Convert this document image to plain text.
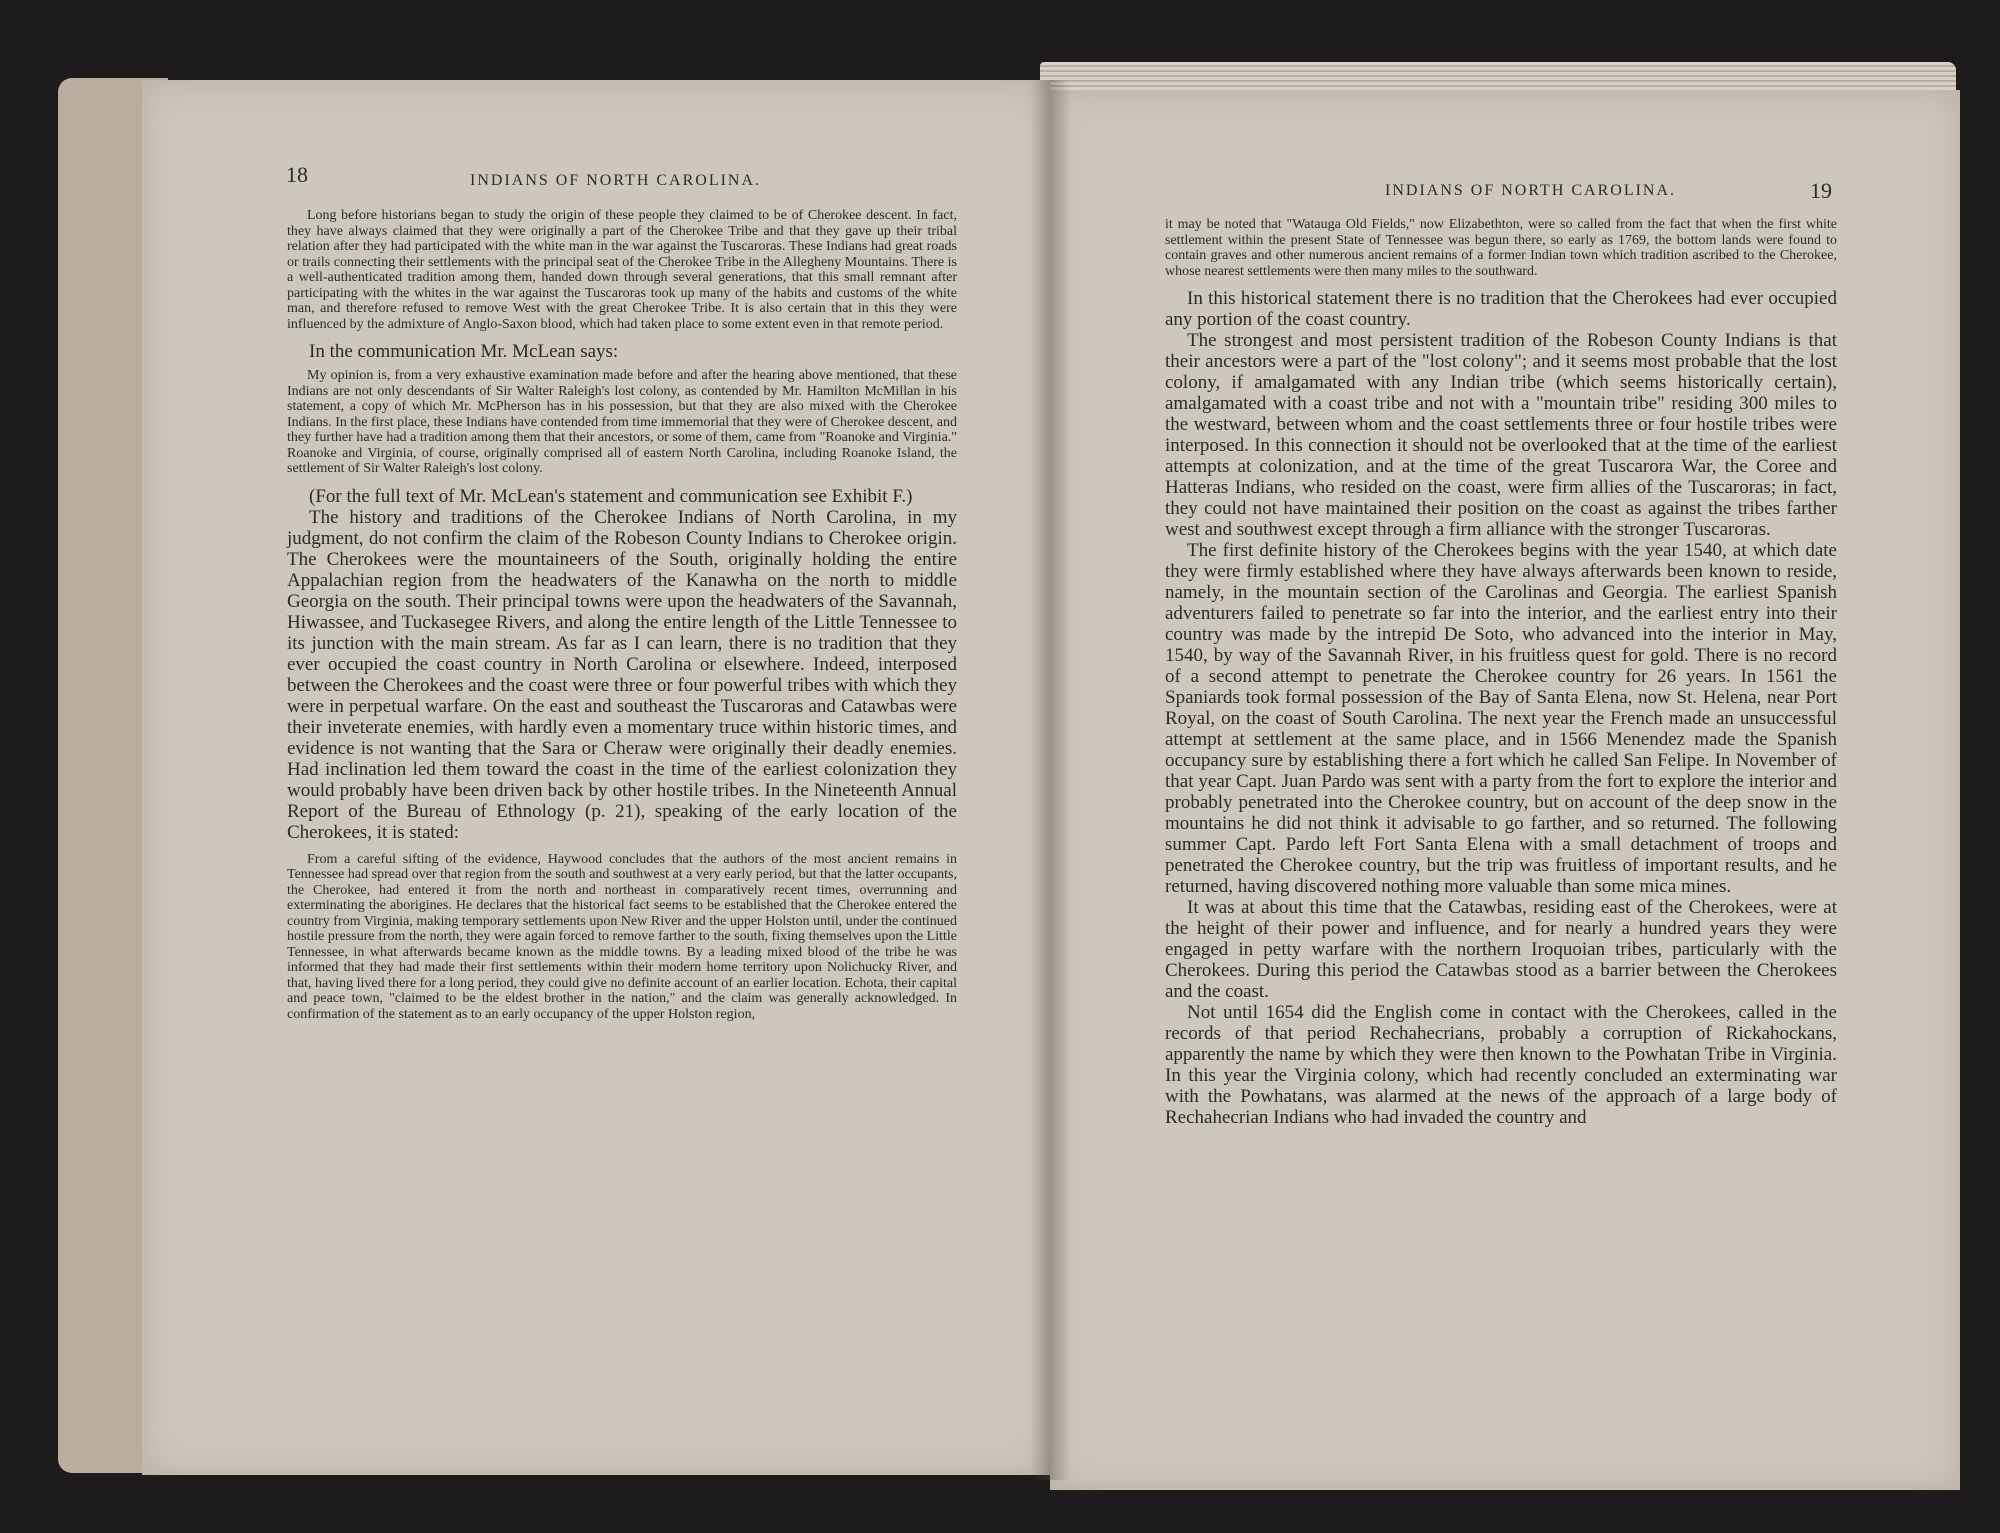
18	INDIANS OF NORTH CAROLINA.

Long before historians began to study the origin of these people they claimed to be of Cherokee descent. In fact, they have always claimed that they were originally a part of the Cherokee Tribe and that they gave up their tribal relation after they had participated with the white man in the war against the Tuscaroras. These Indians had great roads or trails connecting their settlements with the principal seat of the Cherokee Tribe in the Allegheny Mountains. There is a well-authenticated tradition among them, handed down through several generations, that this small remnant after participating with the whites in the war against the Tuscaroras took up many of the habits and customs of the white man, and therefore refused to remove West with the great Cherokee Tribe. It is also certain that in this they were influenced by the admixture of Anglo-Saxon blood, which had taken place to some extent even in that remote period.

In the communication Mr. McLean says:

My opinion is, from a very exhaustive examination made before and after the hearing above mentioned, that these Indians are not only descendants of Sir Walter Raleigh's lost colony, as contended by Mr. Hamilton McMillan in his statement, a copy of which Mr. McPherson has in his possession, but that they are also mixed with the Cherokee Indians. In the first place, these Indians have contended from time immemorial that they were of Cherokee descent, and they further have had a tradition among them that their ancestors, or some of them, came from "Roanoke and Virginia." Roanoke and Virginia, of course, originally comprised all of eastern North Carolina, including Roanoke Island, the settlement of Sir Walter Raleigh's lost colony.

(For the full text of Mr. McLean's statement and communication see Exhibit F.)

The history and traditions of the Cherokee Indians of North Carolina, in my judgment, do not confirm the claim of the Robeson County Indians to Cherokee origin. The Cherokees were the mountaineers of the South, originally holding the entire Appalachian region from the headwaters of the Kanawha on the north to middle Georgia on the south. Their principal towns were upon the headwaters of the Savannah, Hiwassee, and Tuckasegee Rivers, and along the entire length of the Little Tennessee to its junction with the main stream. As far as I can learn, there is no tradition that they ever occupied the coast country in North Carolina or elsewhere. Indeed, interposed between the Cherokees and the coast were three or four powerful tribes with which they were in perpetual warfare. On the east and southeast the Tuscaroras and Catawbas were their inveterate enemies, with hardly even a momentary truce within historic times, and evidence is not wanting that the Sara or Cheraw were originally their deadly enemies. Had inclination led them toward the coast in the time of the earliest colonization they would probably have been driven back by other hostile tribes. In the Nineteenth Annual Report of the Bureau of Ethnology (p. 21), speaking of the early location of the Cherokees, it is stated:

From a careful sifting of the evidence, Haywood concludes that the authors of the most ancient remains in Tennessee had spread over that region from the south and southwest at a very early period, but that the latter occupants, the Cherokee, had entered it from the north and northeast in comparatively recent times, overrunning and exterminating the aborigines. He declares that the historical fact seems to be established that the Cherokee entered the country from Virginia, making temporary settlements upon New River and the upper Holston until, under the continued hostile pressure from the north, they were again forced to remove farther to the south, fixing themselves upon the Little Tennessee, in what afterwards became known as the middle towns. By a leading mixed blood of the tribe he was informed that they had made their first settlements within their modern home territory upon Nolichucky River, and that, having lived there for a long period, they could give no definite account of an earlier location. Echota, their capital and peace town, "claimed to be the eldest brother in the nation," and the claim was generally acknowledged. In confirmation of the statement as to an early occupancy of the upper Holston region,

INDIANS OF NORTH CAROLINA.	19

it may be noted that "Watauga Old Fields," now Elizabethton, were so called from the fact that when the first white settlement within the present State of Tennessee was begun there, so early as 1769, the bottom lands were found to contain graves and other numerous ancient remains of a former Indian town which tradition ascribed to the Cherokee, whose nearest settlements were then many miles to the southward.

In this historical statement there is no tradition that the Cherokees had ever occupied any portion of the coast country.

The strongest and most persistent tradition of the Robeson County Indians is that their ancestors were a part of the "lost colony"; and it seems most probable that the lost colony, if amalgamated with any Indian tribe (which seems historically certain), amalgamated with a coast tribe and not with a "mountain tribe" residing 300 miles to the westward, between whom and the coast settlements three or four hostile tribes were interposed. In this connection it should not be overlooked that at the time of the earliest attempts at colonization, and at the time of the great Tuscarora War, the Coree and Hatteras Indians, who resided on the coast, were firm allies of the Tuscaroras; in fact, they could not have maintained their position on the coast as against the tribes farther west and southwest except through a firm alliance with the stronger Tuscaroras.

The first definite history of the Cherokees begins with the year 1540, at which date they were firmly established where they have always afterwards been known to reside, namely, in the mountain section of the Carolinas and Georgia. The earliest Spanish adventurers failed to penetrate so far into the interior, and the earliest entry into their country was made by the intrepid De Soto, who advanced into the interior in May, 1540, by way of the Savannah River, in his fruitless quest for gold. There is no record of a second attempt to penetrate the Cherokee country for 26 years. In 1561 the Spaniards took formal possession of the Bay of Santa Elena, now St. Helena, near Port Royal, on the coast of South Carolina. The next year the French made an unsuccessful attempt at settlement at the same place, and in 1566 Menendez made the Spanish occupancy sure by establishing there a fort which he called San Felipe. In November of that year Capt. Juan Pardo was sent with a party from the fort to explore the interior and probably penetrated into the Cherokee country, but on account of the deep snow in the mountains he did not think it advisable to go farther, and so returned. The following summer Capt. Pardo left Fort Santa Elena with a small detachment of troops and penetrated the Cherokee country, but the trip was fruitless of important results, and he returned, having discovered nothing more valuable than some mica mines.

It was at about this time that the Catawbas, residing east of the Cherokees, were at the height of their power and influence, and for nearly a hundred years they were engaged in petty warfare with the northern Iroquoian tribes, particularly with the Cherokees. During this period the Catawbas stood as a barrier between the Cherokees and the coast.

Not until 1654 did the English come in contact with the Cherokees, called in the records of that period Rechahecrians, probably a corruption of Rickahockans, apparently the name by which they were then known to the Powhatan Tribe in Virginia. In this year the Virginia colony, which had recently concluded an exterminating war with the Powhatans, was alarmed at the news of the approach of a large body of Rechahecrian Indians who had invaded the country and
